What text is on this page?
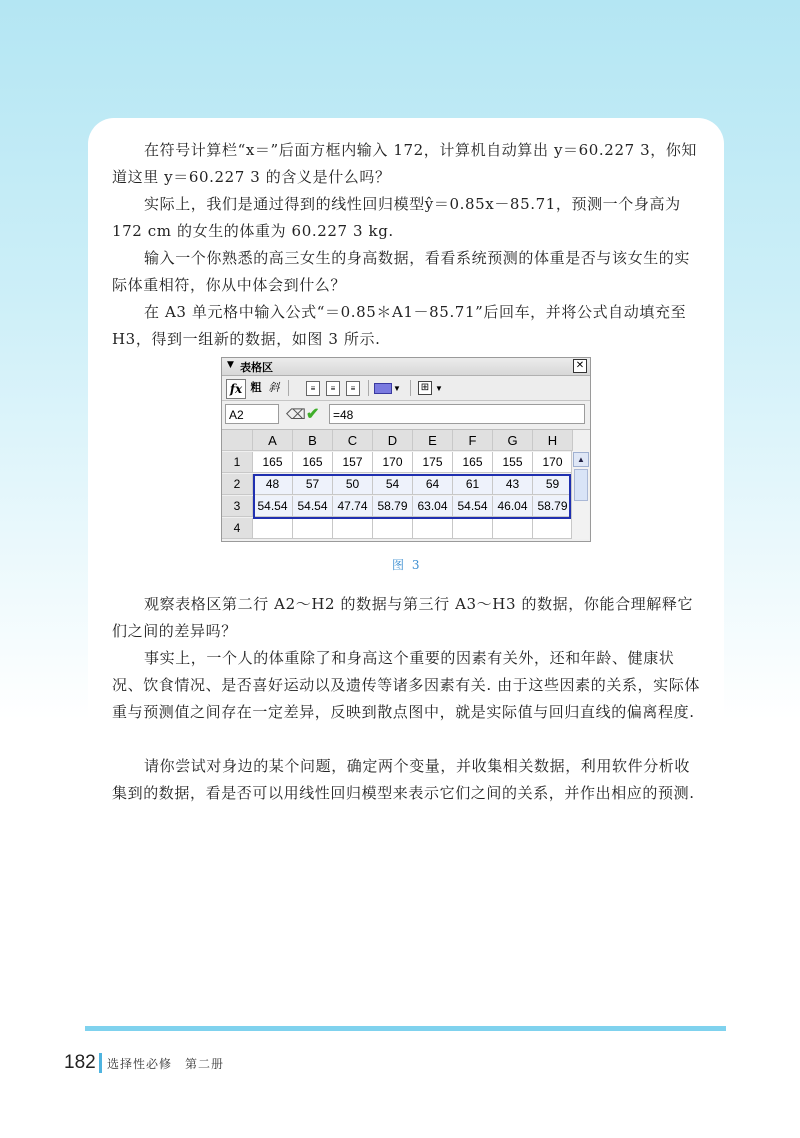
在符号计算栏“x＝”后面方框内输入 172，计算机自动算出 y＝60.227 3，你知道这里 y＝60.227 3 的含义是什么吗？

实际上，我们是通过得到的线性回归模型ŷ＝0.85x－85.71，预测一个身高为 172 cm 的女生的体重为 60.227 3 kg.

输入一个你熟悉的高三女生的身高数据，看看系统预测的体重是否与该女生的实际体重相符，你从中体会到什么？

在 A3 单元格中输入公式“＝0.85＊A1－85.71”后回车，并将公式自动填充至 H3，得到一组新的数据，如图 3 所示.

▼ 表格区	✕
fx 粗 斜	≡	≡	≡	▼ ⊞ ▼
A2	⌫ ✔	=48
A	B	C	D	E	F	G	H
1	165	165	157	170	175	165	155	170
2	48	57	50	54	64	61	43	59
3	54.54 54.54 47.74 58.79 63.04 54.54 46.04 58.79
4
▲
图 3

观察表格区第二行 A2～H2 的数据与第三行 A3～H3 的数据，你能合理解释它们之间的差异吗？

事实上，一个人的体重除了和身高这个重要的因素有关外，还和年龄、健康状况、饮食情况、是否喜好运动以及遗传等诸多因素有关. 由于这些因素的关系，实际体重与预测值之间存在一定差异，反映到散点图中，就是实际值与回归直线的偏离程度.

请你尝试对身边的某个问题，确定两个变量，并收集相关数据，利用软件分析收集到的数据，看是否可以用线性回归模型来表示它们之间的关系，并作出相应的预测.

182 选择性必修　第二册
